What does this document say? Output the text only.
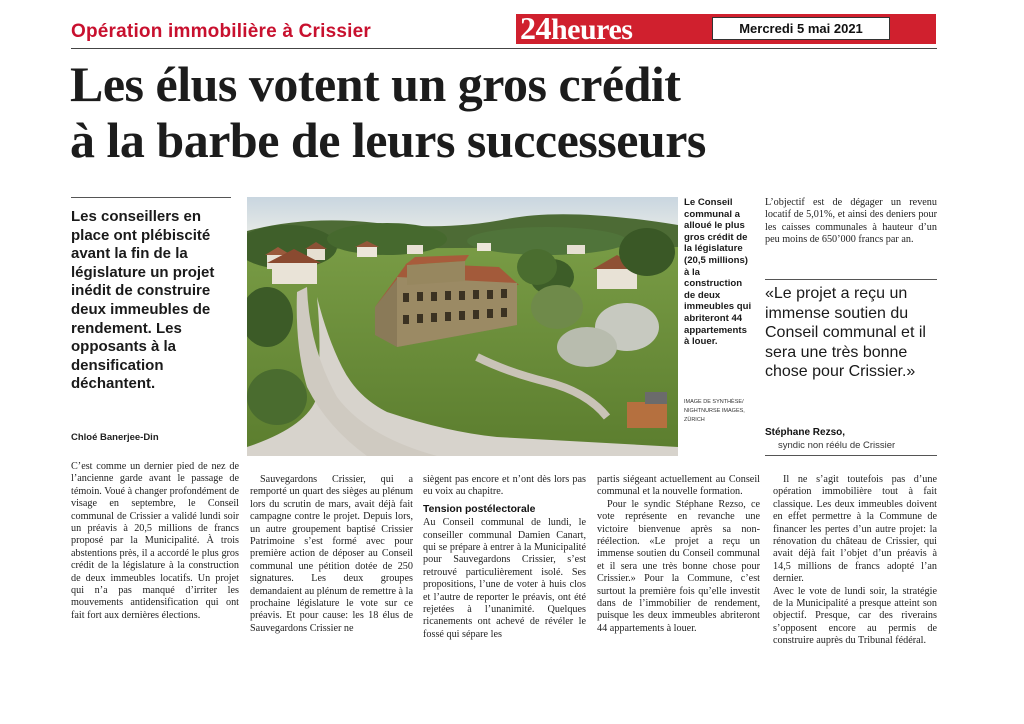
Opération immobilière à Crissier	24heures	Mercredi 5 mai 2021
Les élus votent un gros crédit
à la barbe de leurs successeurs

Les conseillers en place ont plébiscité avant la fin de la législature un projet inédit de construire deux immeubles de rendement. Les opposants à la densification déchantent.

Chloé Banerjee-Din
Le Conseil communal a alloué le plus gros crédit de la législature (20,5 millions) à la construction de deux immeubles qui abriteront 44 appartements à louer.
IMAGE DE SYNTHÈSE/
NIGHTNURSE IMAGES,
ZÜRICH

C’est comme un dernier pied de nez de l’ancienne garde avant le passage de témoin. Voué à changer profondément de visage en septembre, le Conseil communal de Crissier a validé lundi soir un préavis à 20,5 millions de francs proposé par la Municipalité. À trois abstentions près, il a accordé le plus gros crédit de la législature à la construction de deux immeubles locatifs. Un projet qui n’a pas manqué d’irriter les mouvements antidensification qui ont fait fort aux dernières élections.

Sauvegardons Crissier, qui a remporté un quart des sièges au plénum lors du scrutin de mars, avait déjà fait campagne contre le projet. Depuis lors, un autre groupement baptisé Crissier Patrimoine s’est formé avec pour première action de déposer au Conseil communal une pétition dotée de 250 signatures. Les deux groupes demandaient au plénum de remettre à la prochaine législature le vote sur ce préavis. Et pour cause: les 18 élus de Sauvegardons Crissier ne

siègent pas encore et n’ont dès lors pas eu voix au chapitre.

Tension postélectorale

Au Conseil communal de lundi, le conseiller communal Damien Canart, qui se prépare à entrer à la Municipalité pour Sauvegardons Crissier, s’est retrouvé particulièrement isolé. Ses propositions, l’une de voter à huis clos et l’autre de reporter le préavis, ont été rejetées à l’unanimité. Quelques ricanements ont achevé de révéler le fossé qui sépare les

partis siégeant actuellement au Conseil communal et la nouvelle formation.

Pour le syndic Stéphane Rezso, ce vote représente en revanche une victoire bienvenue après sa non-réélection. «Le projet a reçu un immense soutien du Conseil communal et il sera une très bonne chose pour Crissier.» Pour la Commune, c’est surtout la première fois qu’elle investit dans de l’immobilier de rendement, puisque les deux immeubles abriteront 44 appartements à louer.

L’objectif est de dégager un revenu locatif de 5,01%, et ainsi des deniers pour les caisses communales à hauteur d’un peu moins de 650’000 francs par an.

«Le projet a reçu un immense soutien du Conseil communal et il sera une très bonne chose pour Crissier.»

Stéphane Rezso,
syndic non réélu de Crissier

Il ne s’agit toutefois pas d’une opération immobilière tout à fait classique. Les deux immeubles doivent en effet permettre à la Commune de financer les pertes d’un autre projet: la rénovation du château de Crissier, qui avait déjà fait l’objet d’un préavis à 14,5 millions de francs adopté l’an dernier.

Avec le vote de lundi soir, la stratégie de la Municipalité a presque atteint son objectif. Presque, car des riverains s’opposent encore au permis de construire auprès du Tribunal fédéral.
